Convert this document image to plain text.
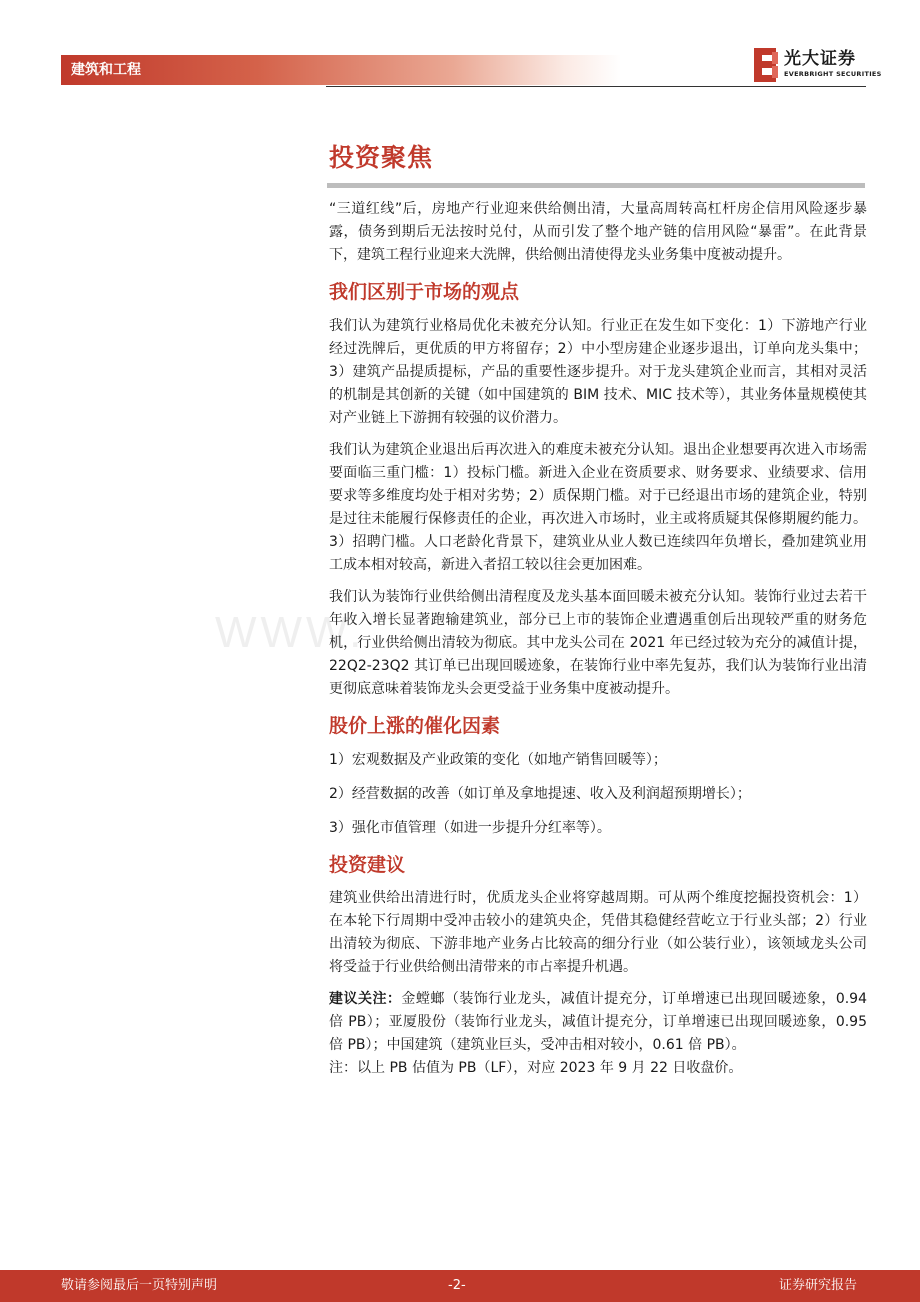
建筑和工程
光大证券
EVERBRIGHT SECURITIES
WWW.
投资聚焦

“三道红线”后，房地产行业迎来供给侧出清，大量高周转高杠杆房企信用风险逐步暴露，债务到期后无法按时兑付，从而引发了整个地产链的信用风险“暴雷”。在此背景下，建筑工程行业迎来大洗牌，供给侧出清使得龙头业务集中度被动提升。

我们区别于市场的观点

我们认为建筑行业格局优化未被充分认知。行业正在发生如下变化：1）下游地产行业经过洗牌后，更优质的甲方将留存；2）中小型房建企业逐步退出，订单向龙头集中；3）建筑产品提质提标，产品的重要性逐步提升。对于龙头建筑企业而言，其相对灵活的机制是其创新的关键（如中国建筑的 BIM 技术、MIC 技术等），其业务体量规模使其对产业链上下游拥有较强的议价潜力。

我们认为建筑企业退出后再次进入的难度未被充分认知。退出企业想要再次进入市场需要面临三重门槛：1）投标门槛。新进入企业在资质要求、财务要求、业绩要求、信用要求等多维度均处于相对劣势；2）质保期门槛。对于已经退出市场的建筑企业，特别是过往未能履行保修责任的企业，再次进入市场时，业主或将质疑其保修期履约能力。3）招聘门槛。人口老龄化背景下，建筑业从业人数已连续四年负增长，叠加建筑业用工成本相对较高，新进入者招工较以往会更加困难。

我们认为装饰行业供给侧出清程度及龙头基本面回暖未被充分认知。装饰行业过去若干年收入增长显著跑输建筑业，部分已上市的装饰企业遭遇重创后出现较严重的财务危机，行业供给侧出清较为彻底。其中龙头公司在 2021 年已经过较为充分的减值计提，22Q2-23Q2 其订单已出现回暖迹象，在装饰行业中率先复苏，我们认为装饰行业出清更彻底意味着装饰龙头会更受益于业务集中度被动提升。

股价上涨的催化因素

1）宏观数据及产业政策的变化（如地产销售回暖等）；

2）经营数据的改善（如订单及拿地提速、收入及利润超预期增长）；

3）强化市值管理（如进一步提升分红率等）。

投资建议

建筑业供给出清进行时，优质龙头企业将穿越周期。可从两个维度挖掘投资机会：1）在本轮下行周期中受冲击较小的建筑央企，凭借其稳健经营屹立于行业头部；2）行业出清较为彻底、下游非地产业务占比较高的细分行业（如公装行业），该领域龙头公司将受益于行业供给侧出清带来的市占率提升机遇。

建议关注：金螳螂（装饰行业龙头，减值计提充分，订单增速已出现回暖迹象，0.94 倍 PB）；亚厦股份（装饰行业龙头，减值计提充分，订单增速已出现回暖迹象，0.95 倍 PB）；中国建筑（建筑业巨头，受冲击相对较小，0.61 倍 PB）。

注：以上 PB 估值为 PB（LF），对应 2023 年 9 月 22 日收盘价。

敬请参阅最后一页特别声明	-2-	证券研究报告
